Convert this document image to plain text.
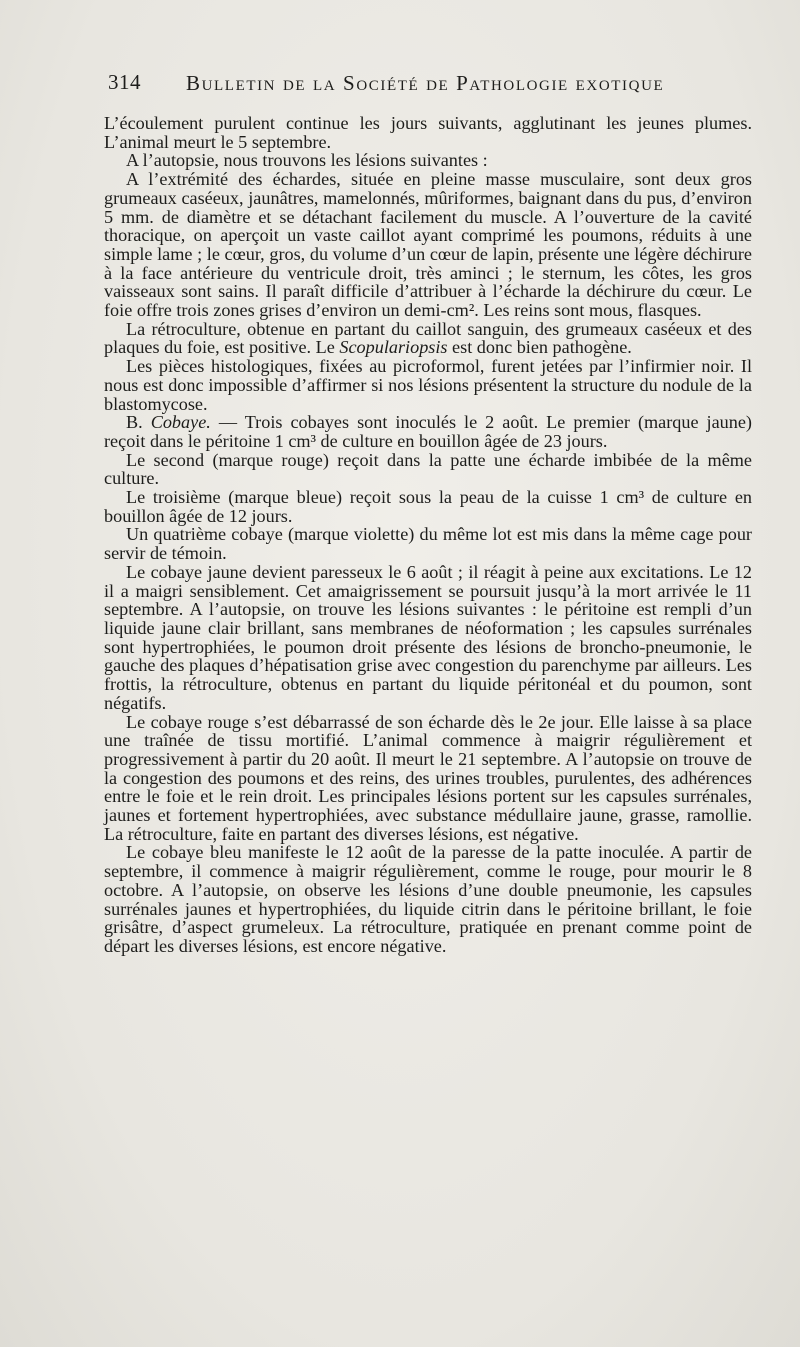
314 Bulletin de la Société de Pathologie exotique

L’écoulement purulent continue les jours suivants, agglutinant les jeunes plumes. L’animal meurt le 5 septembre.

A l’autopsie, nous trouvons les lésions suivantes :

A l’extrémité des échardes, située en pleine masse musculaire, sont deux gros grumeaux caséeux, jaunâtres, mamelonnés, mûriformes, baignant dans du pus, d’environ 5 mm. de diamètre et se détachant facilement du muscle. A l’ouverture de la cavité thoracique, on aperçoit un vaste caillot ayant comprimé les poumons, réduits à une simple lame ; le cœur, gros, du volume d’un cœur de lapin, présente une légère déchirure à la face antérieure du ventricule droit, très aminci ; le sternum, les côtes, les gros vaisseaux sont sains. Il paraît difficile d’attribuer à l’écharde la déchirure du cœur. Le foie offre trois zones grises d’environ un demi-cm². Les reins sont mous, flasques.

La rétroculture, obtenue en partant du caillot sanguin, des grumeaux caséeux et des plaques du foie, est positive. Le Scopulariopsis est donc bien pathogène.

Les pièces histologiques, fixées au picroformol, furent jetées par l’infirmier noir. Il nous est donc impossible d’affirmer si nos lésions présentent la structure du nodule de la blastomycose.

B. Cobaye. — Trois cobayes sont inoculés le 2 août. Le premier (marque jaune) reçoit dans le péritoine 1 cm³ de culture en bouillon âgée de 23 jours.

Le second (marque rouge) reçoit dans la patte une écharde imbibée de la même culture.

Le troisième (marque bleue) reçoit sous la peau de la cuisse 1 cm³ de culture en bouillon âgée de 12 jours.

Un quatrième cobaye (marque violette) du même lot est mis dans la même cage pour servir de témoin.

Le cobaye jaune devient paresseux le 6 août ; il réagit à peine aux excitations. Le 12 il a maigri sensiblement. Cet amaigrissement se poursuit jusqu’à la mort arrivée le 11 septembre. A l’autopsie, on trouve les lésions suivantes : le péritoine est rempli d’un liquide jaune clair brillant, sans membranes de néoformation ; les capsules surrénales sont hypertrophiées, le poumon droit présente des lésions de broncho-pneumonie, le gauche des plaques d’hépatisation grise avec congestion du parenchyme par ailleurs. Les frottis, la rétroculture, obtenus en partant du liquide péritonéal et du poumon, sont négatifs.

Le cobaye rouge s’est débarrassé de son écharde dès le 2e jour. Elle laisse à sa place une traînée de tissu mortifié. L’animal commence à maigrir régulièrement et progressivement à partir du 20 août. Il meurt le 21 septembre. A l’autopsie on trouve de la congestion des poumons et des reins, des urines troubles, purulentes, des adhérences entre le foie et le rein droit. Les principales lésions portent sur les capsules surrénales, jaunes et fortement hypertrophiées, avec substance médullaire jaune, grasse, ramollie. La rétroculture, faite en partant des diverses lésions, est négative.

Le cobaye bleu manifeste le 12 août de la paresse de la patte inoculée. A partir de septembre, il commence à maigrir régulièrement, comme le rouge, pour mourir le 8 octobre. A l’autopsie, on observe les lésions d’une double pneumonie, les capsules surrénales jaunes et hypertrophiées, du liquide citrin dans le péritoine brillant, le foie grisâtre, d’aspect grumeleux. La rétroculture, pratiquée en prenant comme point de départ les diverses lésions, est encore négative.
